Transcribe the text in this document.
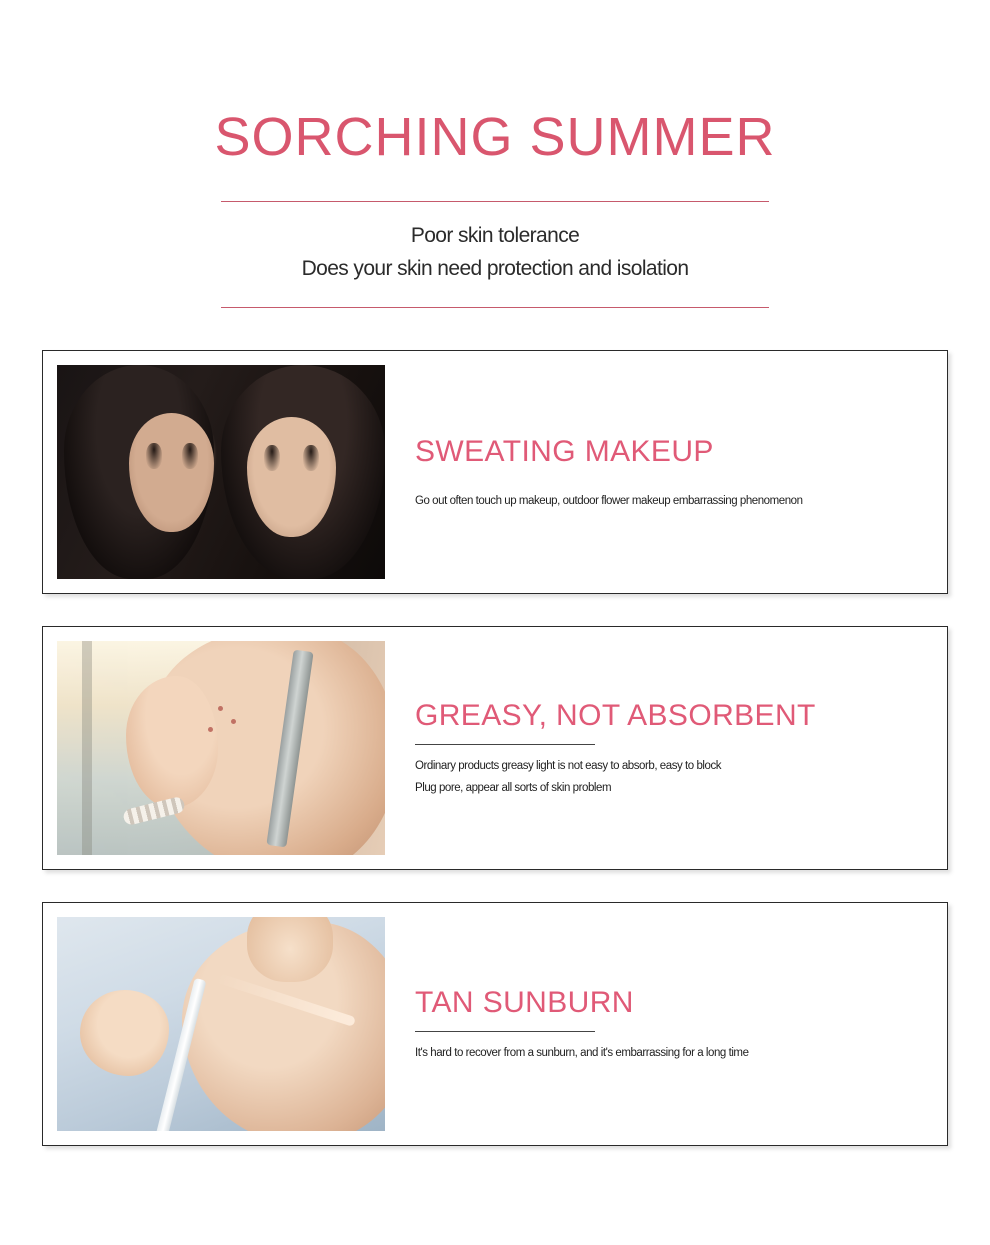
SORCHING SUMMER
Poor skin tolerance
Does your skin need protection and isolation
SWEATING MAKEUP

Go out often touch up makeup, outdoor flower makeup embarrassing phenomenon

GREASY, NOT ABSORBENT

Ordinary products greasy light is not easy to absorb, easy to block

Plug pore, appear all sorts of skin problem

TAN SUNBURN

It's hard to recover from a sunburn, and it's embarrassing for a long time
